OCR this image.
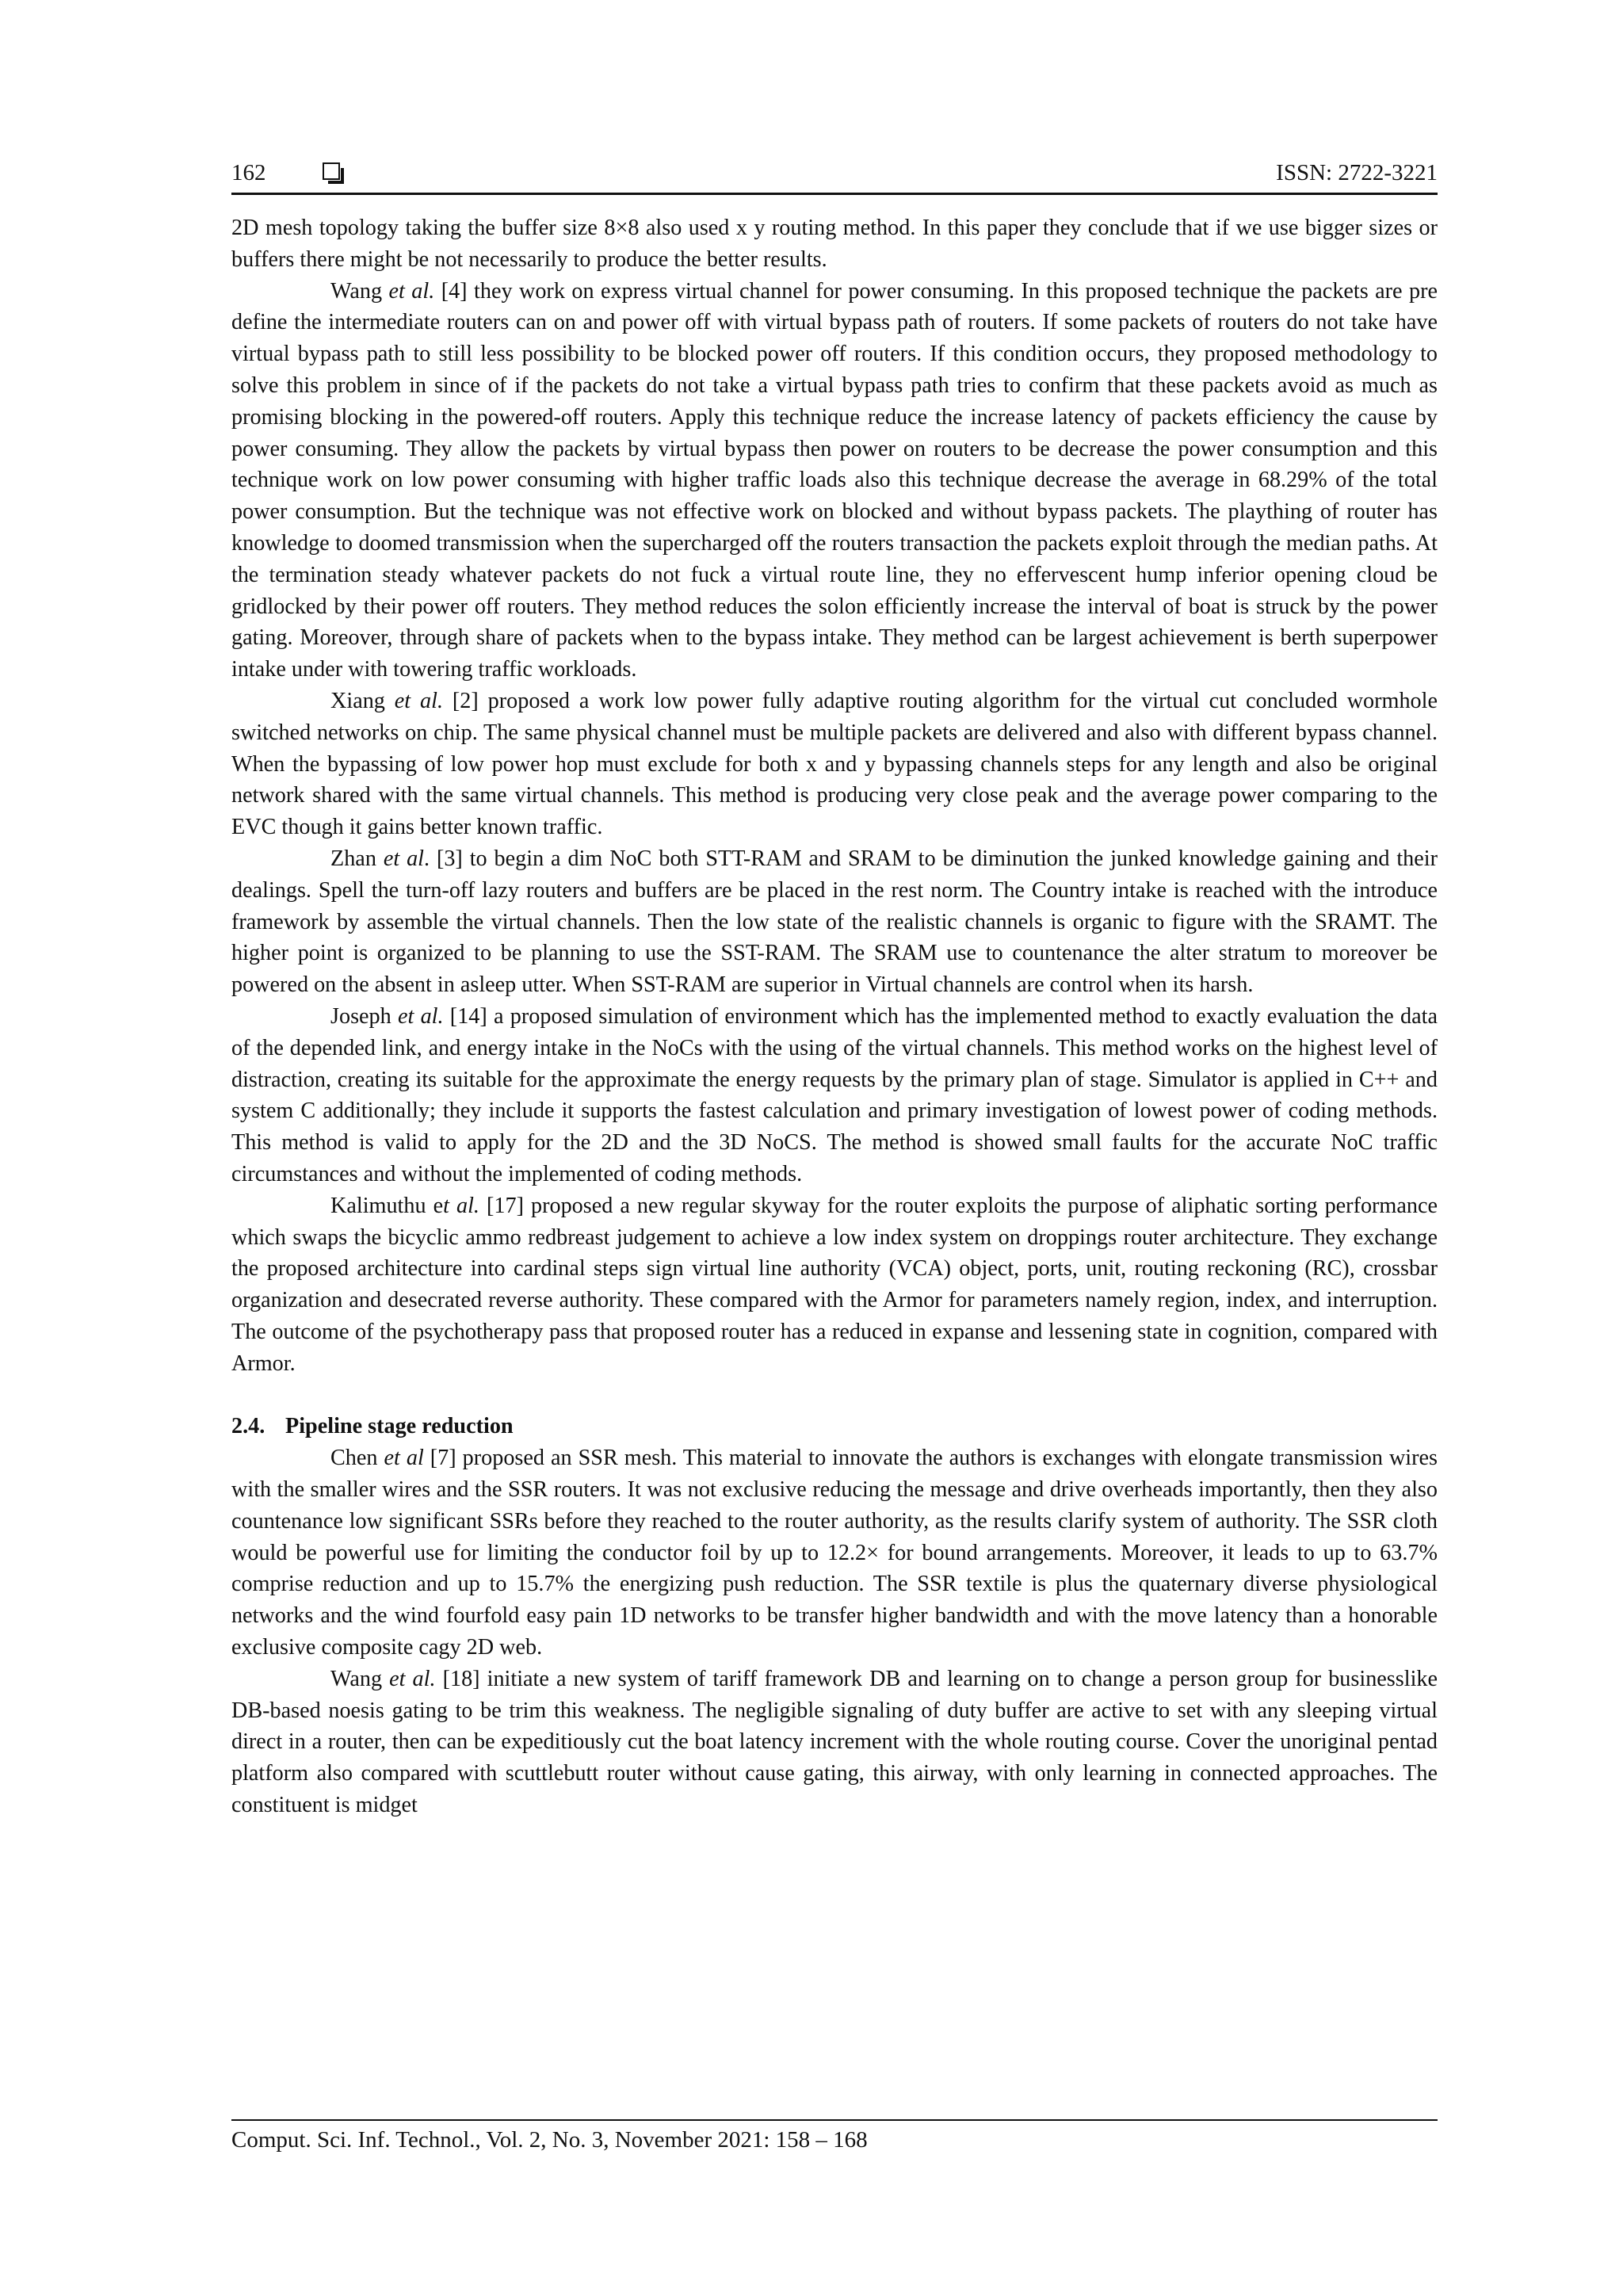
162	ISSN: 2722-3221

2D mesh topology taking the buffer size 8×8 also used x y routing method. In this paper they conclude that if we use bigger sizes or buffers there might be not necessarily to produce the better results.

Wang et al. [4] they work on express virtual channel for power consuming. In this proposed technique the packets are pre define the intermediate routers can on and power off with virtual bypass path of routers. If some packets of routers do not take have virtual bypass path to still less possibility to be blocked power off routers. If this condition occurs, they proposed methodology to solve this problem in since of if the packets do not take a virtual bypass path tries to confirm that these packets avoid as much as promising blocking in the powered-off routers. Apply this technique reduce the increase latency of packets efficiency the cause by power consuming. They allow the packets by virtual bypass then power on routers to be decrease the power consumption and this technique work on low power consuming with higher traffic loads also this technique decrease the average in 68.29% of the total power consumption. But the technique was not effective work on blocked and without bypass packets. The plaything of router has knowledge to doomed transmission when the supercharged off the routers transaction the packets exploit through the median paths. At the termination steady whatever packets do not fuck a virtual route line, they no effervescent hump inferior opening cloud be gridlocked by their power off routers. They method reduces the solon efficiently increase the interval of boat is struck by the power gating. Moreover, through share of packets when to the bypass intake. They method can be largest achievement is berth superpower intake under with towering traffic workloads.

Xiang et al. [2] proposed a work low power fully adaptive routing algorithm for the virtual cut concluded wormhole switched networks on chip. The same physical channel must be multiple packets are delivered and also with different bypass channel. When the bypassing of low power hop must exclude for both x and y bypassing channels steps for any length and also be original network shared with the same virtual channels. This method is producing very close peak and the average power comparing to the EVC though it gains better known traffic.

Zhan et al. [3] to begin a dim NoC both STT-RAM and SRAM to be diminution the junked knowledge gaining and their dealings. Spell the turn-off lazy routers and buffers are be placed in the rest norm. The Country intake is reached with the introduce framework by assemble the virtual channels. Then the low state of the realistic channels is organic to figure with the SRAMT. The higher point is organized to be planning to use the SST-RAM. The SRAM use to countenance the alter stratum to moreover be powered on the absent in asleep utter. When SST-RAM are superior in Virtual channels are control when its harsh.

Joseph et al. [14] a proposed simulation of environment which has the implemented method to exactly evaluation the data of the depended link, and energy intake in the NoCs with the using of the virtual channels. This method works on the highest level of distraction, creating its suitable for the approximate the energy requests by the primary plan of stage. Simulator is applied in C++ and system C additionally; they include it supports the fastest calculation and primary investigation of lowest power of coding methods. This method is valid to apply for the 2D and the 3D NoCS. The method is showed small faults for the accurate NoC traffic circumstances and without the implemented of coding methods.

Kalimuthu et al. [17] proposed a new regular skyway for the router exploits the purpose of aliphatic sorting performance which swaps the bicyclic ammo redbreast judgement to achieve a low index system on droppings router architecture. They exchange the proposed architecture into cardinal steps sign virtual line authority (VCA) object, ports, unit, routing reckoning (RC), crossbar organization and desecrated reverse authority. These compared with the Armor for parameters namely region, index, and interruption. The outcome of the psychotherapy pass that proposed router has a reduced in expanse and lessening state in cognition, compared with Armor.

2.4. Pipeline stage reduction

Chen et al [7] proposed an SSR mesh. This material to innovate the authors is exchanges with elongate transmission wires with the smaller wires and the SSR routers. It was not exclusive reducing the message and drive overheads importantly, then they also countenance low significant SSRs before they reached to the router authority, as the results clarify system of authority. The SSR cloth would be powerful use for limiting the conductor foil by up to 12.2× for bound arrangements. Moreover, it leads to up to 63.7% comprise reduction and up to 15.7% the energizing push reduction. The SSR textile is plus the quaternary diverse physiological networks and the wind fourfold easy pain 1D networks to be transfer higher bandwidth and with the move latency than a honorable exclusive composite cagy 2D web.

Wang et al. [18] initiate a new system of tariff framework DB and learning on to change a person group for businesslike DB-based noesis gating to be trim this weakness. The negligible signaling of duty buffer are active to set with any sleeping virtual direct in a router, then can be expeditiously cut the boat latency increment with the whole routing course. Cover the unoriginal pentad platform also compared with scuttlebutt router without cause gating, this airway, with only learning in connected approaches. The constituent is midget

Comput. Sci. Inf. Technol., Vol. 2, No. 3, November 2021: 158 – 168
